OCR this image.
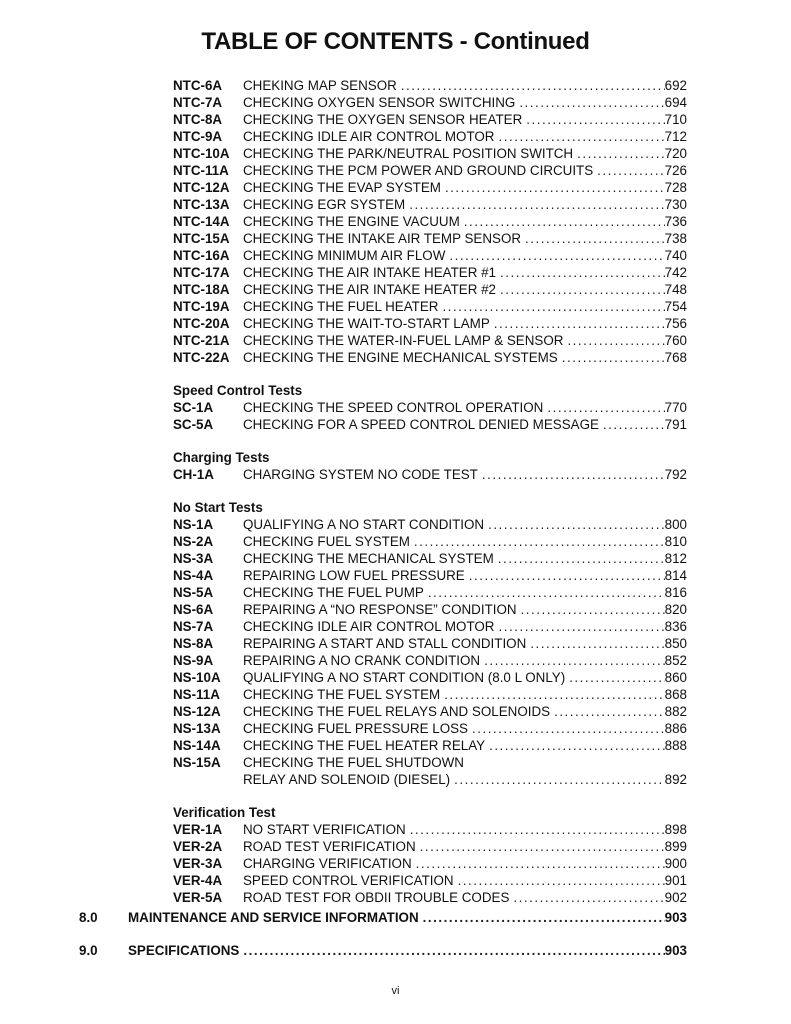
TABLE OF CONTENTS - Continued
NTC-6A	CHEKING MAP SENSOR . . .	692
NTC-7A	CHECKING OXYGEN SENSOR SWITCHING . . .	694
NTC-8A	CHECKING THE OXYGEN SENSOR HEATER . . .	710
NTC-9A	CHECKING IDLE AIR CONTROL MOTOR . . .	712
NTC-10A	CHECKING THE PARK/NEUTRAL POSITION SWITCH . . .	720
NTC-11A	CHECKING THE PCM POWER AND GROUND CIRCUITS . . .	726
NTC-12A	CHECKING THE EVAP SYSTEM . . .	728
NTC-13A	CHECKING EGR SYSTEM . . .	730
NTC-14A	CHECKING THE ENGINE VACUUM . . .	736
NTC-15A	CHECKING THE INTAKE AIR TEMP SENSOR . . .	738
NTC-16A	CHECKING MINIMUM AIR FLOW . . .	740
NTC-17A	CHECKING THE AIR INTAKE HEATER #1 . . .	742
NTC-18A	CHECKING THE AIR INTAKE HEATER #2 . . .	748
NTC-19A	CHECKING THE FUEL HEATER . . .	754
NTC-20A	CHECKING THE WAIT-TO-START LAMP . . .	756
NTC-21A	CHECKING THE WATER-IN-FUEL LAMP & SENSOR . . .	760
NTC-22A	CHECKING THE ENGINE MECHANICAL SYSTEMS . . .	768
Speed Control Tests
SC-1A	CHECKING THE SPEED CONTROL OPERATION . . .	770
SC-5A	CHECKING FOR A SPEED CONTROL DENIED MESSAGE . . .	791
Charging Tests
CH-1A	CHARGING SYSTEM NO CODE TEST . . .	792
No Start Tests
NS-1A	QUALIFYING A NO START CONDITION . . .	800
NS-2A	CHECKING FUEL SYSTEM . . .	810
NS-3A	CHECKING THE MECHANICAL SYSTEM . . .	812
NS-4A	REPAIRING LOW FUEL PRESSURE . . .	814
NS-5A	CHECKING THE FUEL PUMP . . .	816
NS-6A	REPAIRING A “NO RESPONSE” CONDITION . . .	820
NS-7A	CHECKING IDLE AIR CONTROL MOTOR . . .	836
NS-8A	REPAIRING A START AND STALL CONDITION . . .	850
NS-9A	REPAIRING A NO CRANK CONDITION . . .	852
NS-10A	QUALIFYING A NO START CONDITION (8.0 L ONLY) . . .	860
NS-11A	CHECKING THE FUEL SYSTEM . . .	868
NS-12A	CHECKING THE FUEL RELAYS AND SOLENOIDS . . .	882
NS-13A	CHECKING FUEL PRESSURE LOSS . . .	886
NS-14A	CHECKING THE FUEL HEATER RELAY . . .	888
NS-15A	CHECKING THE FUEL SHUTDOWN
RELAY AND SOLENOID (DIESEL) . . .	892
Verification Test
VER-1A	NO START VERIFICATION . . .	898
VER-2A	ROAD TEST VERIFICATION . . .	899
VER-3A	CHARGING VERIFICATION . . .	900
VER-4A	SPEED CONTROL VERIFICATION . . .	901
VER-5A	ROAD TEST FOR OBDII TROUBLE CODES . . .	902
8.0	MAINTENANCE AND SERVICE INFORMATION . . .	903
9.0	SPECIFICATIONS . . .	903
vi
